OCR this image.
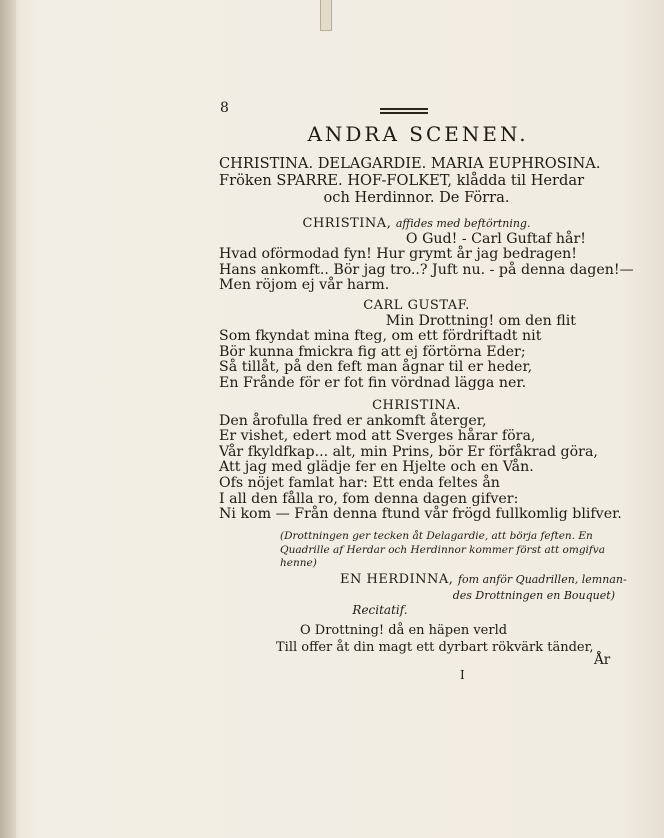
8
ANDRA SCENEN.
CHRISTINA. DELAGARDIE. MARIA EUPHROSINA.
Fröken SPARRE. HOF-FOLKET, klådda til Herdar
och Herdinnor. De Förra.
CHRISTINA, affides med beftörtning.
O Gud! - Carl Guftaf hår!
Hvad oförmodad fyn! Hur grymt år jag bedragen!
Hans ankomft.. Bör jag tro..? Juft nu. - på denna dagen!—
Men röjom ej vår harm.
CARL GUSTAF.
Min Drottning! om den flit
Som fkyndat mina fteg, om ett fördriftadt nit
Bör kunna fmickra fig att ej förtörna Eder;
Så tillåt, på den feft man ågnar til er heder,
En Frånde för er fot fin vördnad lägga ner.
CHRISTINA.
Den årofulla fred er ankomft återger,
Er vishet, edert mod att Sverges hårar föra,
Vår fkyldfkap... alt, min Prins, bör Er förfåkrad göra,
Att jag med glädje fer en Hjelte och en Vån.
Ofs nöjet famlat har: Ett enda feltes ån
I all den fålla ro, fom denna dagen gifver:
Ni kom — Från denna ftund vår frögd fullkomlig blifver.
(Drottningen ger tecken åt Delagardie, att börja feften. En Quadrille af Herdar och Herdinnor kommer först att omgifva henne)
EN HERDINNA, fom anför Quadrillen, lemnan-
des Drottningen en Bouquet)
Recitatif.
O Drottning! då en häpen verld
Till offer åt din magt ett dyrbart rökvärk tänder,
År
I
